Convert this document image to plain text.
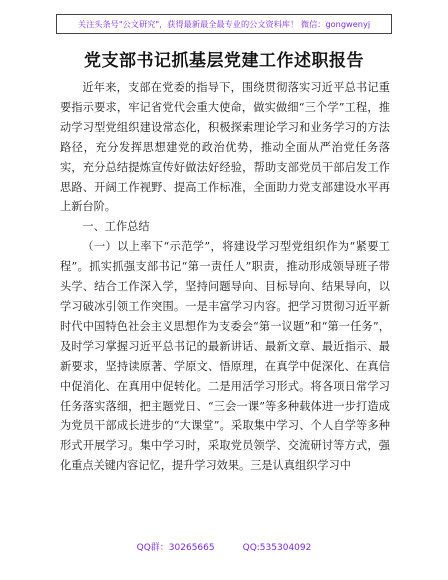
关注头条号"公文研究"，获得最新最全最专业的公文资料库！ 微信：gongwenyj
党支部书记抓基层党建工作述职报告

近年来，支部在党委的指导下，围绕贯彻落实习近平总书记重要指示要求，牢记省党代会重大使命，做实做细“三个学”工程，推动学习型党组织建设常态化，积极探索理论学习和业务学习的方法路径，充分发挥思想建党的政治优势，推动全面从严治党任务落实，充分总结提炼宣传好做法好经验，帮助支部党员干部启发工作思路、开阔工作视野、提高工作标准，全面助力党支部建设水平再上新台阶。

一、工作总结

（一）以上率下“示范学”，将建设学习型党组织作为“紧要工程”。抓实抓强支部书记“第一责任人”职责，推动形成领导班子带头学、结合工作深入学，坚持问题导向、目标导向、结果导向，以学习破冰引领工作突围。一是丰富学习内容。把学习贯彻习近平新时代中国特色社会主义思想作为支委会“第一议题”和“第一任务”，及时学习掌握习近平总书记的最新讲话、最新文章、最近指示、最新要求，坚持读原著、学原文、悟原理，在真学中促深化、在真信中促消化、在真用中促转化。二是用活学习形式。将各项日常学习任务落实落细，把主题党日、“三会一课”等多种载体进一步打造成为党员干部成长进步的“大课堂”。采取集中学习、个人自学等多种形式开展学习。集中学习时，采取党员领学、交流研讨等方式，强化重点关键内容记忆，提升学习效果。三是认真组织学习中

QQ群：30265665	QQ:535304092
